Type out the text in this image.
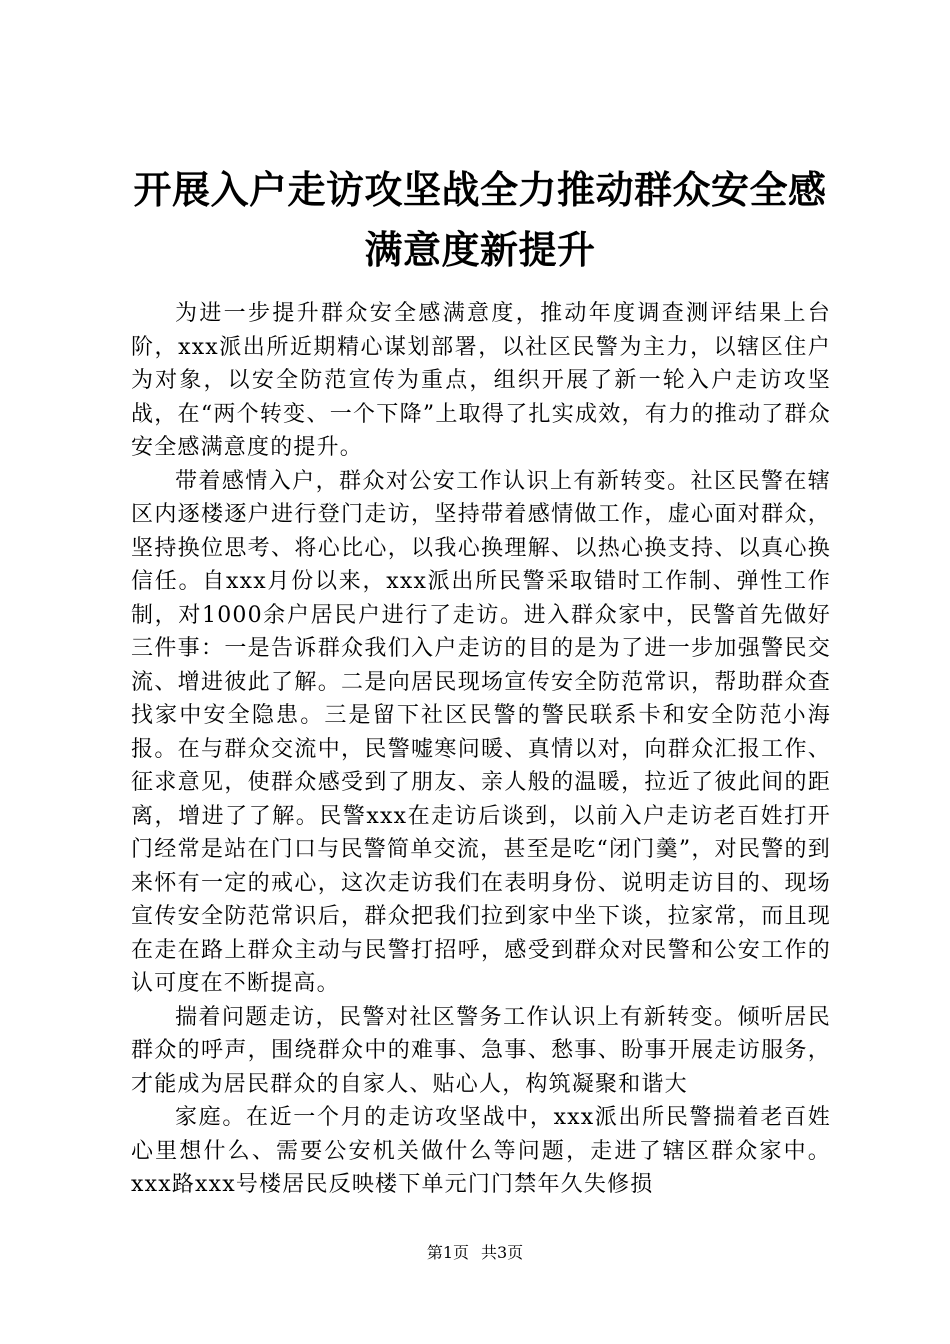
开展入户走访攻坚战全力推动群众安全感满意度新提升

为进一步提升群众安全感满意度，推动年度调查测评结果上台阶，xxx派出所近期精心谋划部署，以社区民警为主力，以辖区住户为对象，以安全防范宣传为重点，组织开展了新一轮入户走访攻坚战，在“两个转变、一个下降”上取得了扎实成效，有力的推动了群众安全感满意度的提升。

带着感情入户，群众对公安工作认识上有新转变。社区民警在辖区内逐楼逐户进行登门走访，坚持带着感情做工作，虚心面对群众，坚持换位思考、将心比心，以我心换理解、以热心换支持、以真心换信任。自xxx月份以来，xxx派出所民警采取错时工作制、弹性工作制，对1000余户居民户进行了走访。进入群众家中，民警首先做好三件事：一是告诉群众我们入户走访的目的是为了进一步加强警民交流、增进彼此了解。二是向居民现场宣传安全防范常识，帮助群众查找家中安全隐患。三是留下社区民警的警民联系卡和安全防范小海报。在与群众交流中，民警嘘寒问暖、真情以对，向群众汇报工作、征求意见，使群众感受到了朋友、亲人般的温暖，拉近了彼此间的距离，增进了了解。民警xxx在走访后谈到，以前入户走访老百姓打开门经常是站在门口与民警简单交流，甚至是吃“闭门羹”，对民警的到来怀有一定的戒心，这次走访我们在表明身份、说明走访目的、现场宣传安全防范常识后，群众把我们拉到家中坐下谈，拉家常，而且现在走在路上群众主动与民警打招呼，感受到群众对民警和公安工作的认可度在不断提高。

揣着问题走访，民警对社区警务工作认识上有新转变。倾听居民群众的呼声，围绕群众中的难事、急事、愁事、盼事开展走访服务，才能成为居民群众的自家人、贴心人，构筑凝聚和谐大

家庭。在近一个月的走访攻坚战中，xxx派出所民警揣着老百姓心里想什么、需要公安机关做什么等问题，走进了辖区群众家中。xxx路xxx号楼居民反映楼下单元门门禁年久失修损

第1页 共3页
